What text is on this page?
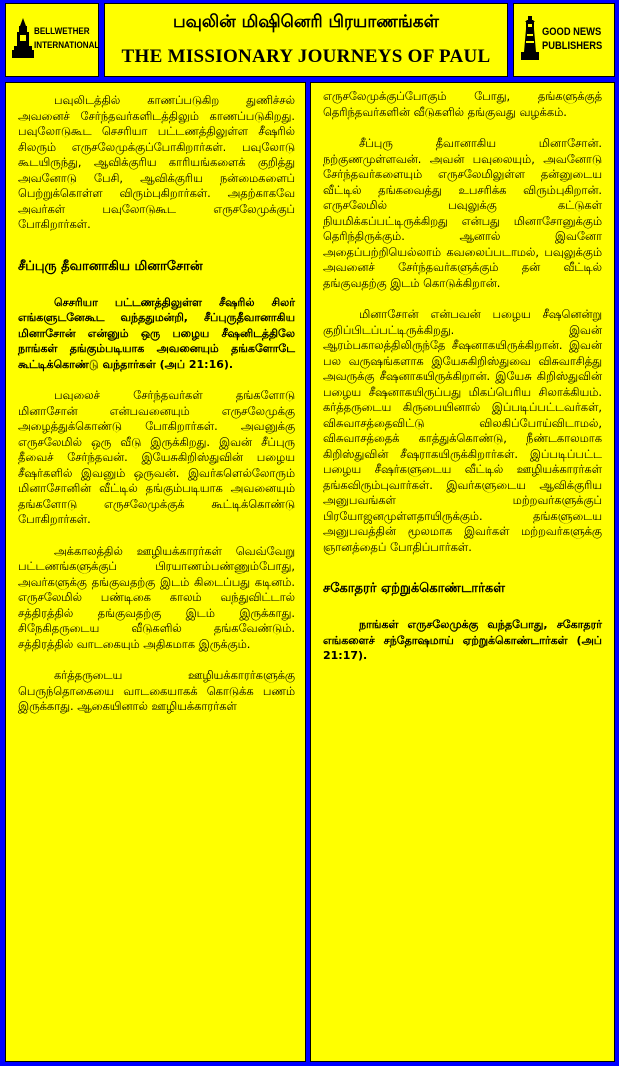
BELLWETHER
INTERNATIONAL
பவுலின் மிஷினெரி பிரயாணங்கள்
THE MISSIONARY JOURNEYS OF PAUL
GOOD NEWS
PUBLISHERS

பவுலிடத்தில் காணப்படுகிற துணிச்சல் அவனைச் சேர்ந்தவர்களிடத்திலும் காணப்படுகிறது. பவுலோடுகூட செசரியா பட்டணத்திலுள்ள சீஷரில் சிலரும் எருசலேமுக்குப்போகிறார்கள். பவுலோடு கூடயிருந்து, ஆவிக்குரிய காரியங்களைக் குறித்து அவனோடு பேசி, ஆவிக்குரிய நன்மைகளைப் பெற்றுக்கொள்ள விரும்புகிறார்கள். அதற்காகவே அவர்கள் பவுலோடுகூட எருசலேமுக்குப் போகிறார்கள்.

சீப்புரு தீவானாகிய மினாசோன்

செசரியா பட்டணத்திலுள்ள சீஷரில் சிலர் எங்களுடனேகூட வந்ததுமன்றி, சீப்புருதீவானாகிய மினாசோன் என்னும் ஒரு பழைய சீஷனிடத்திலே நாங்கள் தங்கும்படியாக அவனையும் தங்களோடே கூட்டிக்கொண்டு வந்தார்கள் (அப் 21:16).

பவுலைச் சேர்ந்தவர்கள் தங்களோடு மினாசோன் என்பவனையும் எருசலேமுக்கு அழைத்துக்கொண்டு போகிறார்கள். அவனுக்கு எருசலேமில் ஒரு வீடு இருக்கிறது. இவன் சீப்புரு தீவைச் சேர்ந்தவன். இயேசுகிறிஸ்துவின் பழைய சீஷர்களில் இவனும் ஒருவன். இவர்களெல்லோரும் மினாசோனின் வீட்டில் தங்கும்படியாக அவனையும் தங்களோடு எருசலேமுக்குக் கூட்டிக்கொண்டு போகிறார்கள்.

அக்காலத்தில் ஊழியக்காரர்கள் வெவ்வேறு பட்டணங்களுக்குப் பிரயாணம்பண்ணும்போது, அவர்களுக்கு தங்குவதற்கு இடம் கிடைப்பது கடினம். எருசலேமில் பண்டிகை காலம் வந்துவிட்டால் சத்திரத்தில் தங்குவதற்கு இடம் இருக்காது. சிநேகிதருடைய வீடுகளில் தங்கவேண்டும். சத்திரத்தில் வாடகையும் அதிகமாக இருக்கும்.

கர்த்தருடைய ஊழியக்காரர்களுக்கு பெருந்தொகையை வாடகையாகக் கொடுக்க பணம் இருக்காது. ஆகையினால் ஊழியக்காரர்கள்

எருசலேமுக்குப்போகும் போது, தங்களுக்குத் தெரிந்தவர்களின் வீடுகளில் தங்குவது வழக்கம்.

சீப்புரு தீவானாகிய மினாசோன். நற்குணமுள்ளவன். அவன் பவுலையும், அவனோடு சேர்ந்தவர்களையும் எருசலேமிலுள்ள தன்னுடைய வீட்டில் தங்கவைத்து உபசரிக்க விரும்புகிறான். எருசலேமில் பவுலுக்கு கட்டுகள் நியமிக்கப்பட்டிருக்கிறது என்பது மினாசோனுக்கும் தெரிந்திருக்கும். ஆனால் இவனோ அதைப்பற்றியெல்லாம் கவலைப்படாமல், பவுலுக்கும் அவனைச் சேர்ந்தவர்களுக்கும் தன் வீட்டில் தங்குவதற்கு இடம் கொடுக்கிறான்.

மினாசோன் என்பவன் பழைய சீஷனென்று குறிப்பிடப்பட்டிருக்கிறது. இவன் ஆரம்பகாலத்திலிருந்தே சீஷனாகயிருக்கிறான். இவன் பல வருஷங்களாக இயேசுகிறிஸ்துவை விசுவாசித்து அவருக்கு சீஷனாகயிருக்கிறான். இயேசு கிறிஸ்துவின் பழைய சீஷனாகயிருப்பது மிகப்பெரிய சிலாக்கியம். கர்த்தருடைய கிருபையினால் இப்படிப்பட்டவர்கள், விசுவாசத்தைவிட்டு விலகிப்போய்விடாமல், விசுவாசத்தைக் காத்துக்கொண்டு, நீண்டகாலமாக கிறிஸ்துவின் சீஷராகயிருக்கிறார்கள். இப்படிப்பட்ட பழைய சீஷர்களுடைய வீட்டில் ஊழியக்காரர்கள் தங்கவிரும்புவார்கள். இவர்களுடைய ஆவிக்குரிய அனுபவங்கள் மற்றவர்களுக்குப் பிரயோஜனமுள்ளதாயிருக்கும். தங்களுடைய அனுபவத்தின் மூலமாக இவர்கள் மற்றவர்களுக்கு ஞானத்தைப் போதிப்பார்கள்.

சகோதரர் ஏற்றுக்கொண்டார்கள்

நாங்கள் எருசலேமுக்கு வந்தபோது, சகோதரர் எங்களைச் சந்தோஷமாய் ஏற்றுக்கொண்டார்கள் (அப் 21:17).
